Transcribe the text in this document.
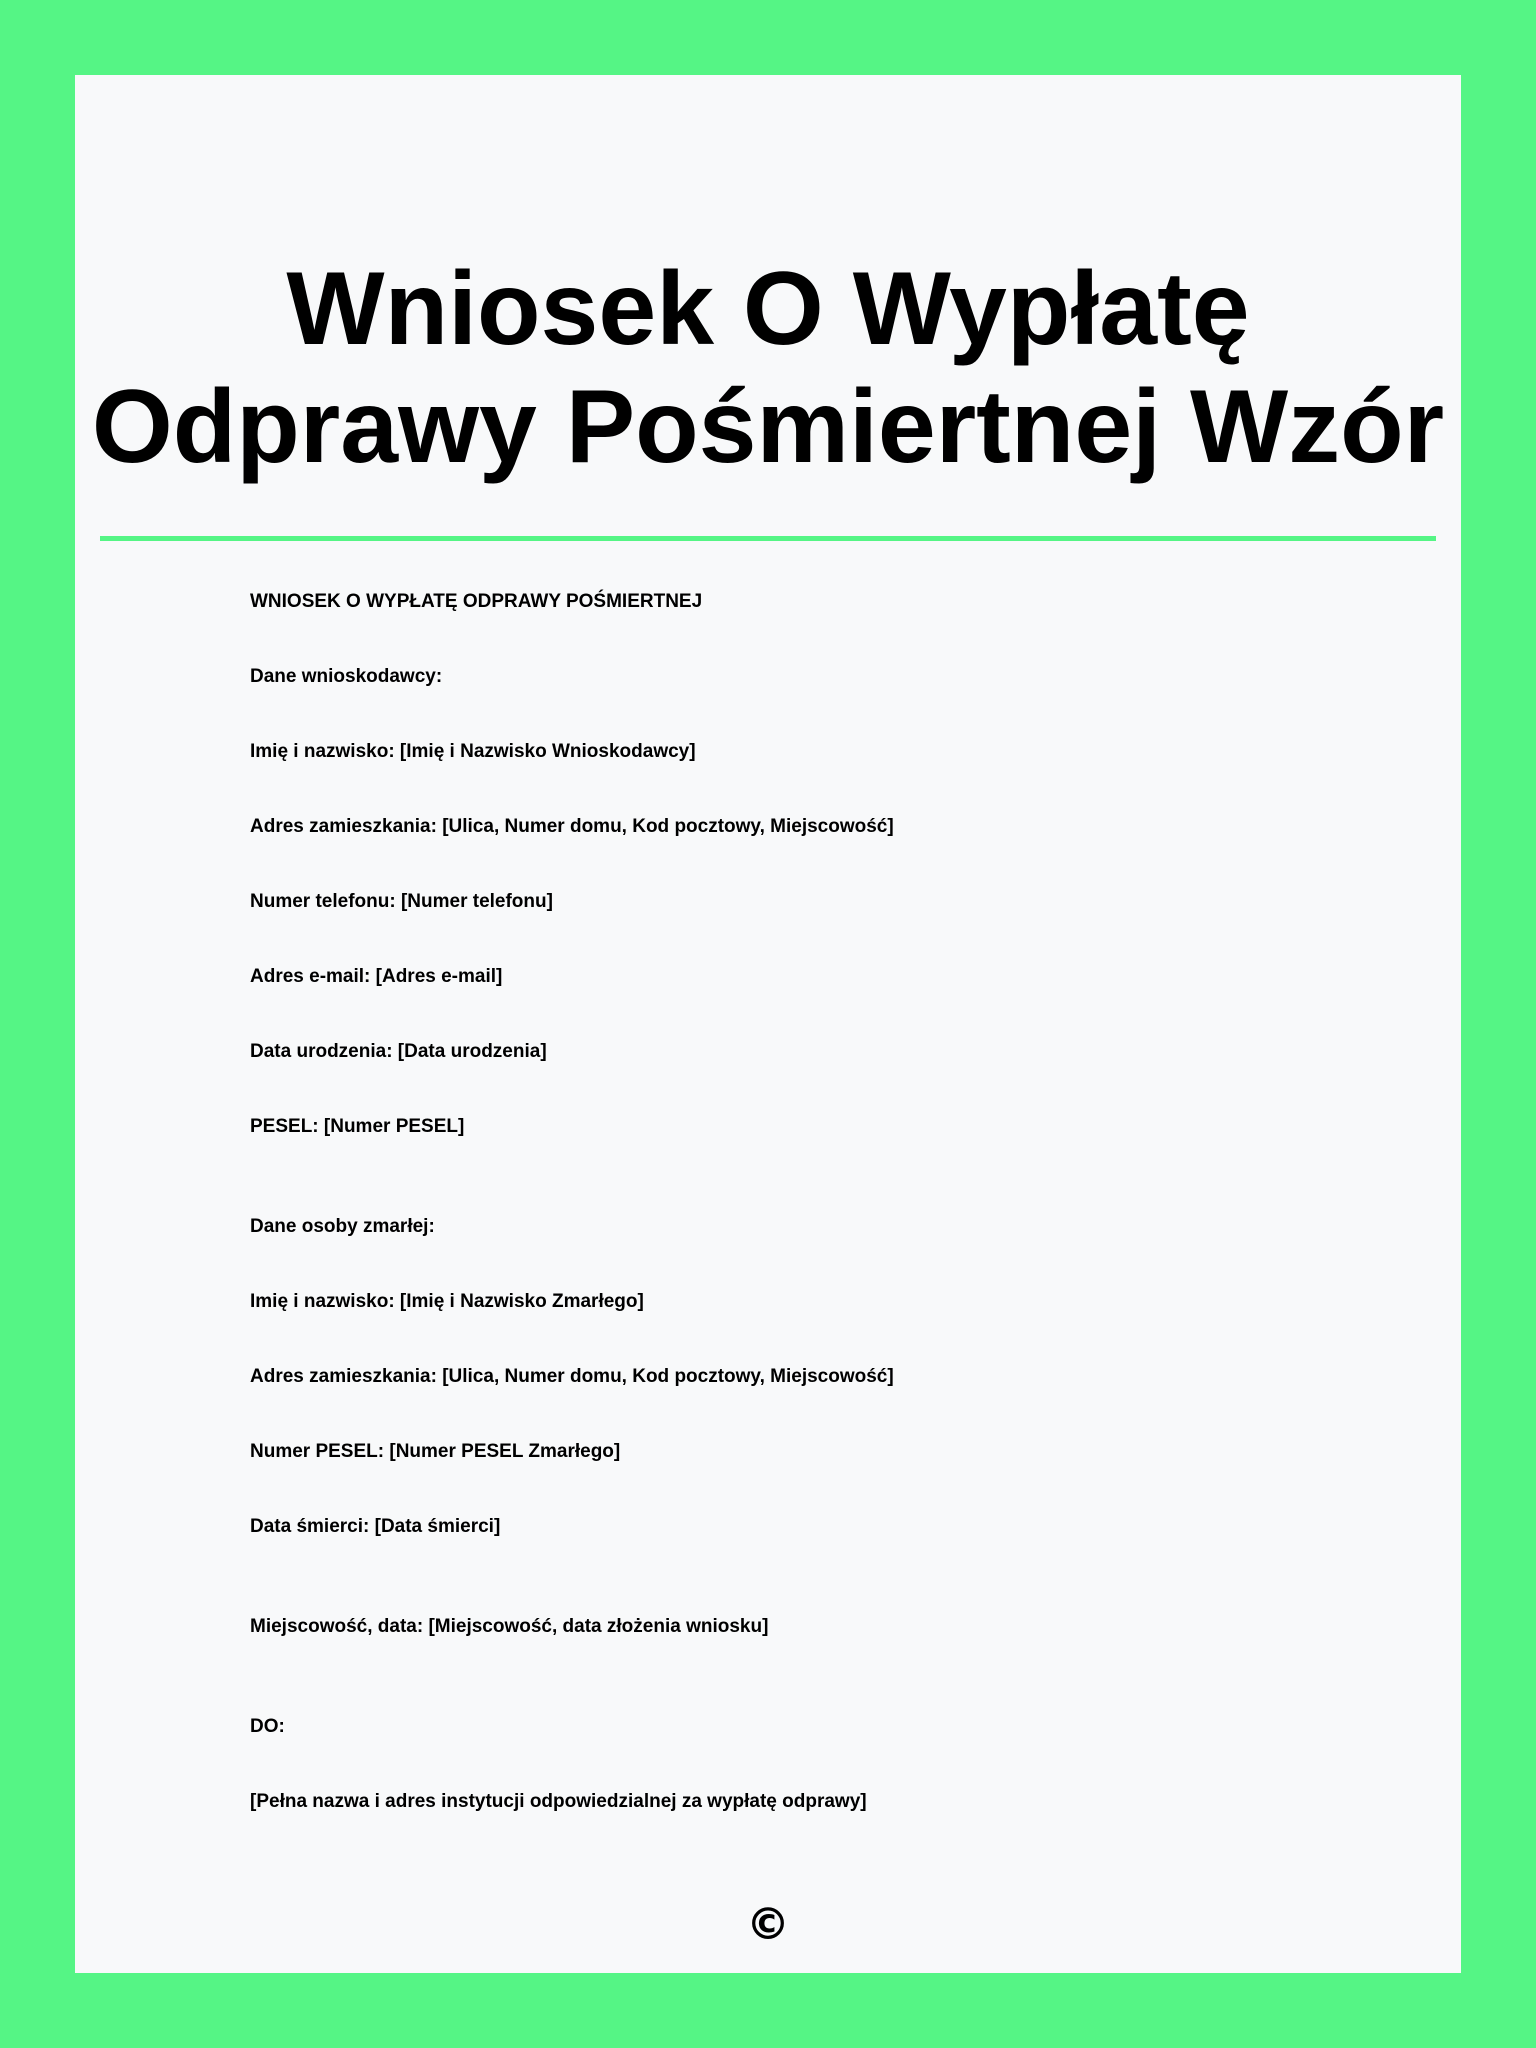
Wniosek O Wypłatę Odprawy Pośmiertnej Wzór
WNIOSEK O WYPŁATĘ ODPRAWY POŚMIERTNEJ
Dane wnioskodawcy:
Imię i nazwisko: [Imię i Nazwisko Wnioskodawcy]
Adres zamieszkania: [Ulica, Numer domu, Kod pocztowy, Miejscowość]
Numer telefonu: [Numer telefonu]
Adres e-mail: [Adres e-mail]
Data urodzenia: [Data urodzenia]
PESEL: [Numer PESEL]
Dane osoby zmarłej:
Imię i nazwisko: [Imię i Nazwisko Zmarłego]
Adres zamieszkania: [Ulica, Numer domu, Kod pocztowy, Miejscowość]
Numer PESEL: [Numer PESEL Zmarłego]
Data śmierci: [Data śmierci]
Miejscowość, data: [Miejscowość, data złożenia wniosku]
DO:
[Pełna nazwa i adres instytucji odpowiedzialnej za wypłatę odprawy]
©
